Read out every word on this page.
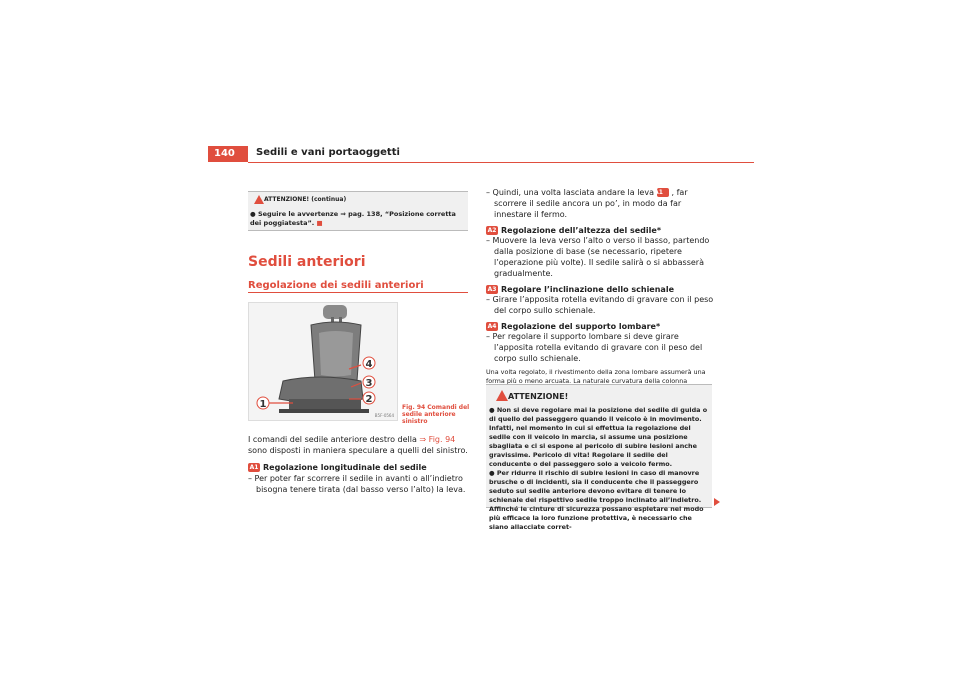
140	Sedili e vani portaoggetti
ATTENZIONE! (continua)
● Seguire le avvertenze ⇒ pag. 138, “Posizione corretta dei poggiatesta”. ■
Sedili anteriori
Regolazione dei sedili anteriori
1
4
3
2
B5F-0564
Fig. 94 Comandi del sedile anteriore sinistro
I comandi del sedile anteriore destro della ⇒ Fig. 94 sono disposti in maniera speculare a quelli del sinistro.
A1 Regolazione longitudinale del sedile
– Per poter far scorrere il sedile in avanti o all’indietro bisogna tenere tirata (dal basso verso l’alto) la leva.
– Quindi, una volta lasciata andare la leva A1 , far scorrere il sedile ancora un po’, in modo da far innestare il fermo.
A2 Regolazione dell’altezza del sedile*
– Muovere la leva verso l’alto o verso il basso, partendo dalla posizione di base (se necessario, ripetere l’operazione più volte). Il sedile salirà o si abbasserà gradualmente.
A3 Regolare l’inclinazione dello schienale
– Girare l’apposita rotella evitando di gravare con il peso del corpo sullo schienale.
A4 Regolazione del supporto lombare*
– Per regolare il supporto lombare si deve girare l’apposita rotella evitando di gravare con il peso del corpo sullo schienale.
Una volta regolato, il rivestimento della zona lombare assumerà una forma più o meno arcuata. La naturale curvatura della colonna
ATTENZIONE!
● Non si deve regolare mai la posizione del sedile di guida o di quello del passeggero quando il veicolo è in movimento. Infatti, nel momento in cui si effettua la regolazione del sedile con il veicolo in marcia, si assume una posizione sbagliata e ci si espone al pericolo di subire lesioni anche gravissime. Pericolo di vita! Regolare il sedile del conducente o del passeggero solo a veicolo fermo.
● Per ridurre il rischio di subire lesioni in caso di manovre brusche o di incidenti, sia il conducente che il passeggero seduto sul sedile anteriore devono evitare di tenere lo schienale del rispettivo sedile troppo inclinato all’indietro. Affinché le cinture di sicurezza possano espletare nel modo più efficace la loro funzione protettiva, è necessario che siano allacciate corret-
